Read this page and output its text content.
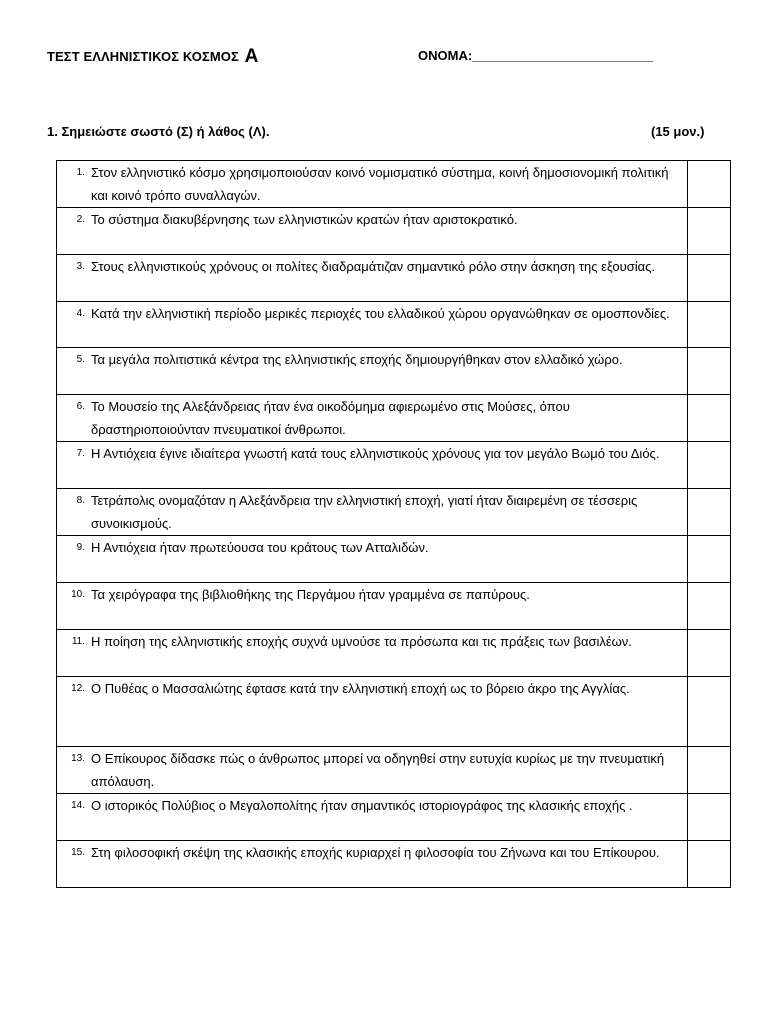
ΤΕΣΤ ΕΛΛΗΝΙΣΤΙΚΟΣ ΚΟΣΜΟΣ Α	ΟΝΟΜΑ:_________________________
1. Σημειώστε σωστό (Σ) ή λάθος (Λ).	(15 μον.)
1. Στον ελληνιστικό κόσμο χρησιμοποιούσαν κοινό νομισματικό σύστημα, κοινή δημοσιονομική πολιτική και κοινό τρόπο συναλλαγών.	

2. Το σύστημα διακυβέρνησης των ελληνιστικών κρατών ήταν αριστοκρατικό.	

3. Στους ελληνιστικούς χρόνους οι πολίτες διαδραμάτιζαν σημαντικό ρόλο στην άσκηση της εξουσίας.	

4. Κατά την ελληνιστική περίοδο μερικές περιοχές του ελλαδικού χώρου οργανώθηκαν σε ομοσπονδίες.	

5. Τα μεγάλα πολιτιστικά κέντρα της ελληνιστικής εποχής δημιουργήθηκαν στον ελλαδικό χώρο.	

6. Το Μουσείο της Αλεξάνδρειας ήταν ένα οικοδόμημα αφιερωμένο στις Μούσες, όπου δραστηριοποιούνταν πνευματικοί άνθρωποι.	

7. Η Αντιόχεια έγινε ιδιαίτερα γνωστή κατά τους ελληνιστικούς χρόνους για τον μεγάλο Βωμό του Διός.	

8. Τετράπολις ονομαζόταν η Αλεξάνδρεια την ελληνιστική εποχή, γιατί ήταν διαιρεμένη σε τέσσερις συνοικισμούς.	

9. Η Αντιόχεια ήταν πρωτεύουσα του κράτους των Ατταλιδών.	

10. Τα χειρόγραφα της βιβλιοθήκης της Περγάμου ήταν γραμμένα σε παπύρους.	

11. Η ποίηση της ελληνιστικής εποχής συχνά υμνούσε τα πρόσωπα και τις πράξεις των βασιλέων.	

12. Ο Πυθέας ο Μασσαλιώτης έφτασε κατά την ελληνιστική εποχή ως το βόρειο άκρο της Αγγλίας.	

13. Ο Επίκουρος δίδασκε πώς ο άνθρωπος μπορεί να οδηγηθεί στην ευτυχία κυρίως με την πνευματική απόλαυση.	

14. Ο ιστορικός Πολύβιος ο Μεγαλοπολίτης ήταν σημαντικός ιστοριογράφος της κλασικής εποχής .	

15. Στη φιλοσοφική σκέψη της κλασικής εποχής κυριαρχεί η φιλοσοφία του Ζήνωνα και του Επίκουρου.	
